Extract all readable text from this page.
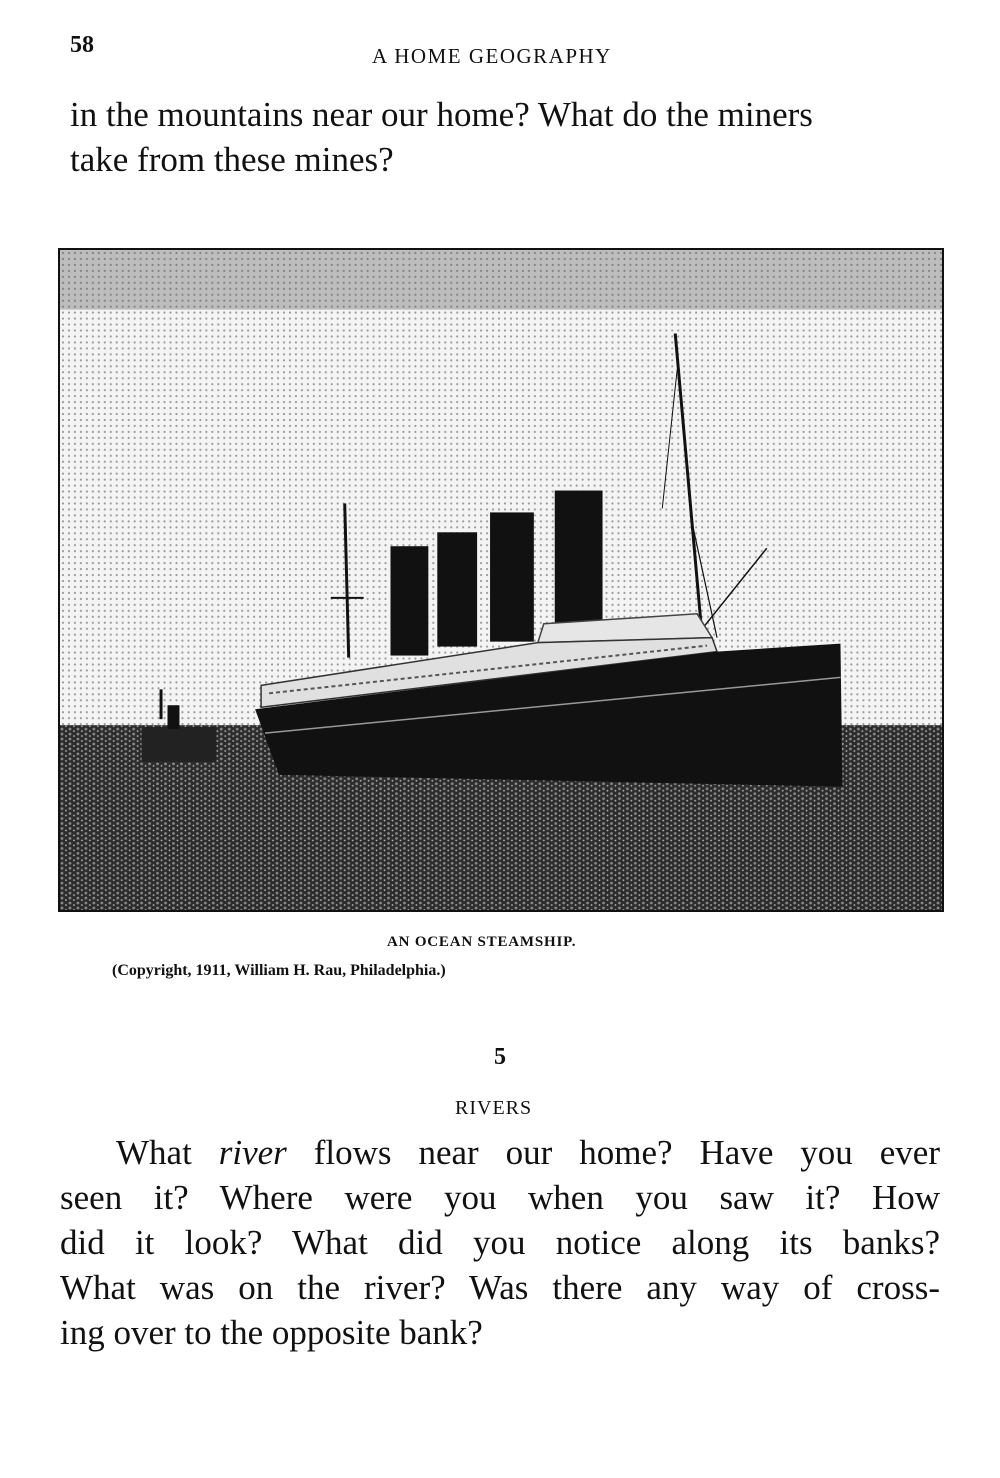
58	A HOME GEOGRAPHY

in the mountains near our home? What do the miners
take from these mines?

AN OCEAN STEAMSHIP.
(Copyright, 1911, William H. Rau, Philadelphia.)
5
RIVERS
What river flows near our home? Have you ever
seen it? Where were you when you saw it? How
did it look? What did you notice along its banks?
What was on the river? Was there any way of cross-
ing over to the opposite bank?
